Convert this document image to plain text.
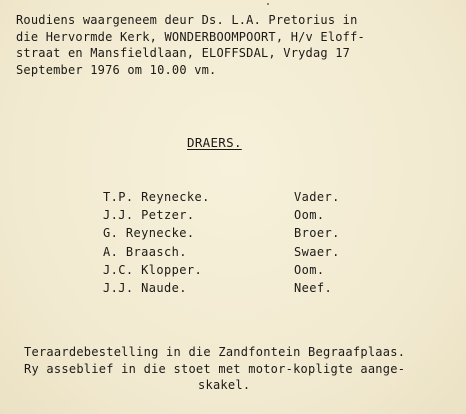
Roudiens waargeneem deur Ds. L.A. Pretorius in
die Hervormde Kerk, WONDERBOOMPOORT, H/v Eloff-
straat en Mansfieldlaan, ELOFFSDAL, Vrydag 17
September 1976 om 10.00 vm.
DRAERS.
T.P. Reynecke.	Vader.
J.J. Petzer.	Oom.
G. Reynecke.	Broer.
A. Braasch.	Swaer.
J.C. Klopper.	Oom.
J.J. Naude.	Neef.
Teraardebestelling in die Zandfontein Begraafplaas.
Ry asseblief in die stoet met motor-kopligte aange-
skakel.
